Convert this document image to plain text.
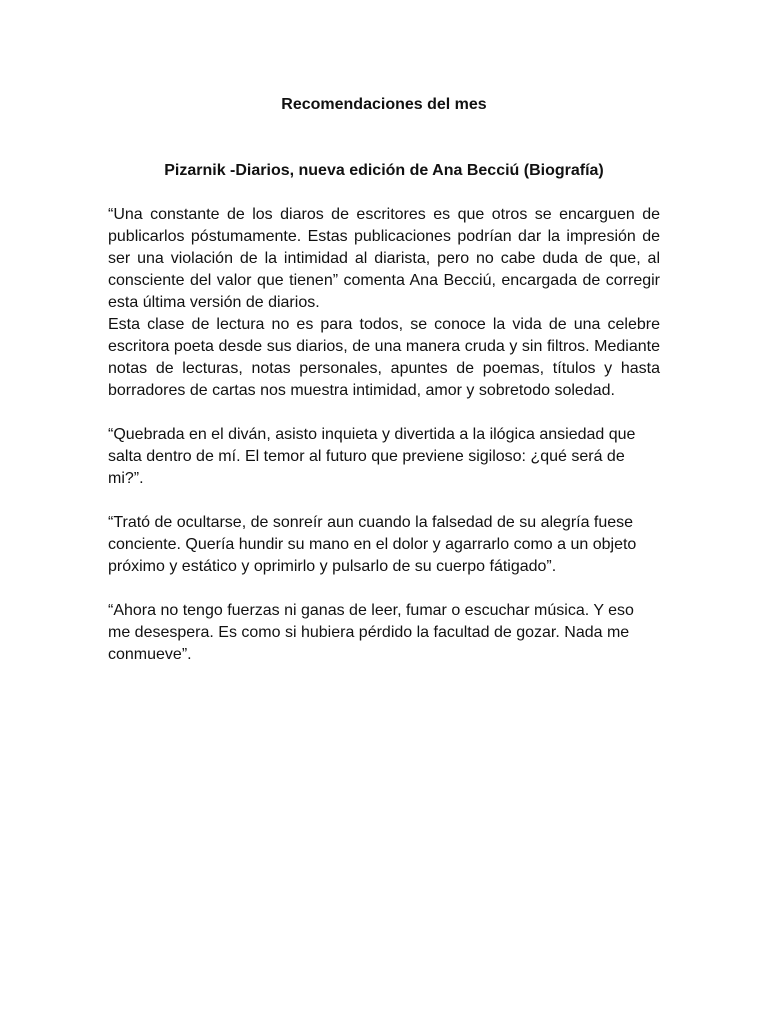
Recomendaciones del mes
Pizarnik -Diarios, nueva edición de Ana Becciú (Biografía)

“Una constante de los diaros de escritores es que otros se encarguen de publicarlos póstumamente. Estas publicaciones podrían dar la impresión de ser una violación de la intimidad al diarista, pero no cabe duda de que, al consciente del valor que tienen” comenta Ana Becciú, encargada de corregir esta última versión de diarios.

Esta clase de lectura no es para todos, se conoce la vida de una celebre escritora poeta desde sus diarios, de una manera cruda y sin filtros. Mediante notas de lecturas, notas personales, apuntes de poemas, títulos y hasta borradores de cartas nos muestra intimidad, amor y sobretodo soledad.

“Quebrada en el diván, asisto inquieta y divertida a la ilógica ansiedad que salta dentro de mí. El temor al futuro que previene sigiloso: ¿qué será de mi?”.

“Trató de ocultarse, de sonreír aun cuando la falsedad de su alegría fuese conciente. Quería hundir su mano en el dolor y agarrarlo como a un objeto próximo y estático y oprimirlo y pulsarlo de su cuerpo fátigado”.

“Ahora no tengo fuerzas ni ganas de leer, fumar o escuchar música. Y eso me desespera. Es como si hubiera pérdido la facultad de gozar. Nada me conmueve”.
